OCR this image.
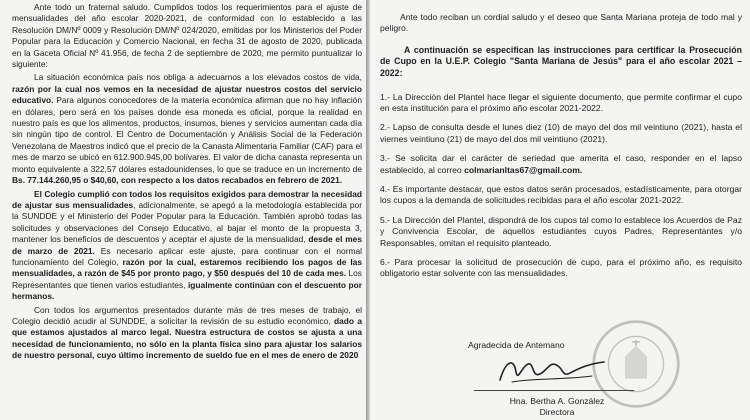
Ante todo un fraternal saludo. Cumplidos todos los requerimientos para el ajuste de mensualidades del año escolar 2020-2021, de conformidad con lo establecido a las Resolución DM/Nº 0009 y Resolución DM/Nº 024/2020, emitidas por los Ministerios del Poder Popular para la Educación y Comercio Nacional, en fecha 31 de agosto de 2020, publicada en la Gaceta Oficial Nº 41.956, de fecha 2 de septiembre de 2020, me permito puntualizar lo siguiente:

La situación económica país nos obliga a adecuarnos a los elevados costos de vida, razón por la cual nos vemos en la necesidad de ajustar nuestros costos del servicio educativo. Para algunos conocedores de la materia económica afirman que no hay inflación en dólares, pero será en los países donde esa moneda es oficial, porque la realidad en nuestro país es que los alimentos, productos, insumos, bienes y servicios aumentan cada día sin ningún tipo de control. El Centro de Documentación y Análisis Social de la Federación Venezolana de Maestros indicó que el precio de la Canasta Alimentaria Familiar (CAF) para el mes de marzo se ubicó en 612.900.945,00 bolívares. El valor de dicha canasta representa un monto equivalente a 322,57 dólares estadounidenses, lo que se traduce en un incremento de Bs. 77.144.260,95 o $40,60, con respecto a los datos recabados en febrero de 2021.

El Colegio cumplió con todos los requisitos exigidos para demostrar la necesidad de ajustar sus mensualidades, adicionalmente, se apegó a la metodología establecida por la SUNDDE y el Ministerio del Poder Popular para la Educación. También aprobó todas las solicitudes y observaciones del Consejo Educativo, al bajar el monto de la propuesta 3, mantener los beneficios de descuentos y aceptar el ajuste de la mensualidad, desde el mes de marzo de 2021. Es necesario aplicar este ajuste, para continuar con el normal funcionamiento del Colegio, razón por la cual, estaremos recibiendo los pagos de las mensualidades, a razón de $45 por pronto pago, y $50 después del 10 de cada mes. Los Representantes que tienen varios estudiantes, igualmente continúan con el descuento por hermanos.

Con todos los argumentos presentados durante más de tres meses de trabajo, el Colegio decidió acudir al SUNDDE, a solicitar la revisión de su estudio económico, dado a que estamos ajustados al marco legal. Nuestra estructura de costos se ajusta a una necesidad de funcionamiento, no sólo en la planta física sino para ajustar los salarios de nuestro personal, cuyo último incremento de sueldo fue en el mes de enero de 2020

Ante todo reciban un cordial saludo y el deseo que Santa Mariana proteja de todo mal y peligro.

A continuación se especifican las instrucciones para certificar la Prosecución de Cupo en la U.E.P. Colegio "Santa Mariana de Jesús" para el año escolar 2021 – 2022:

1.- La Dirección del Plantel hace llegar el siguiente documento, que permite confirmar el cupo en esta institución para el próximo año escolar 2021-2022.

2.- Lapso de consulta desde el lunes diez (10) de mayo del dos mil veintiuno (2021), hasta el viernes veintiuno (21) de mayo del dos mil veintiuno (2021).

3.- Se solicita dar el carácter de seriedad que amerita el caso, responder en el lapso establecido, al correo colmarianltas67@gmail.com.

4.- Es importante destacar, que estos datos serán procesados, estadísticamente, para otorgar los cupos a la demanda de solicitudes recibidas para el año escolar 2021-2022.

5.- La Dirección del Plantel, dispondrá de los cupos tal como lo establece los Acuerdos de Paz y Convivencia Escolar, de aquellos estudiantes cuyos Padres, Representantes y/o Responsables, omitan el requisito planteado.

6.- Para procesar la solicitud de prosecución de cupo, para el próximo año, es requisito obligatorio estar solvente con las mensualidades.

Agradecida de Antemano
Hna. Bertha A. González
Directora
